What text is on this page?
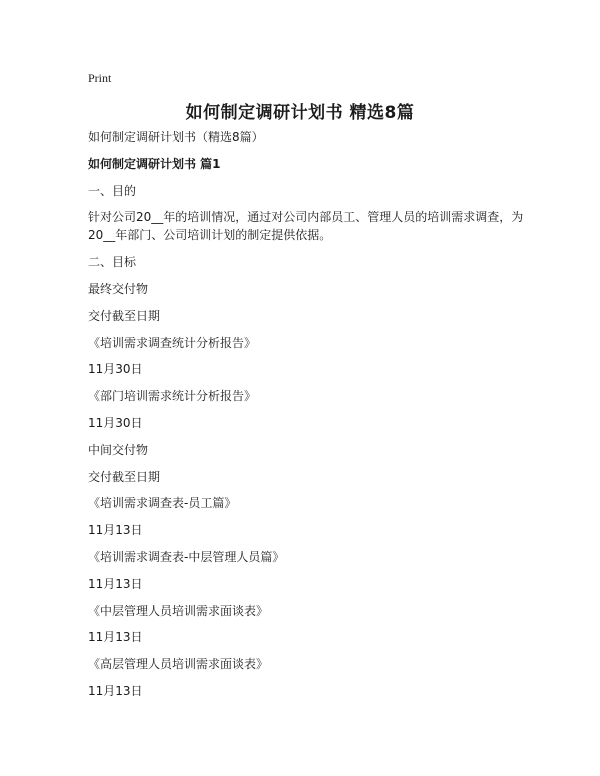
Print
如何制定调研计划书 精选8篇

如何制定调研计划书（精选8篇）

如何制定调研计划书 篇1

一、目的

针对公司20__年的培训情况，通过对公司内部员工、管理人员的培训需求调查，为20__年部门、公司培训计划的制定提供依据。

二、目标

最终交付物

交付截至日期

《培训需求调查统计分析报告》

11月30日

《部门培训需求统计分析报告》

11月30日

中间交付物

交付截至日期

《培训需求调查表-员工篇》

11月13日

《培训需求调查表-中层管理人员篇》

11月13日

《中层管理人员培训需求面谈表》

11月13日

《高层管理人员培训需求面谈表》

11月13日
